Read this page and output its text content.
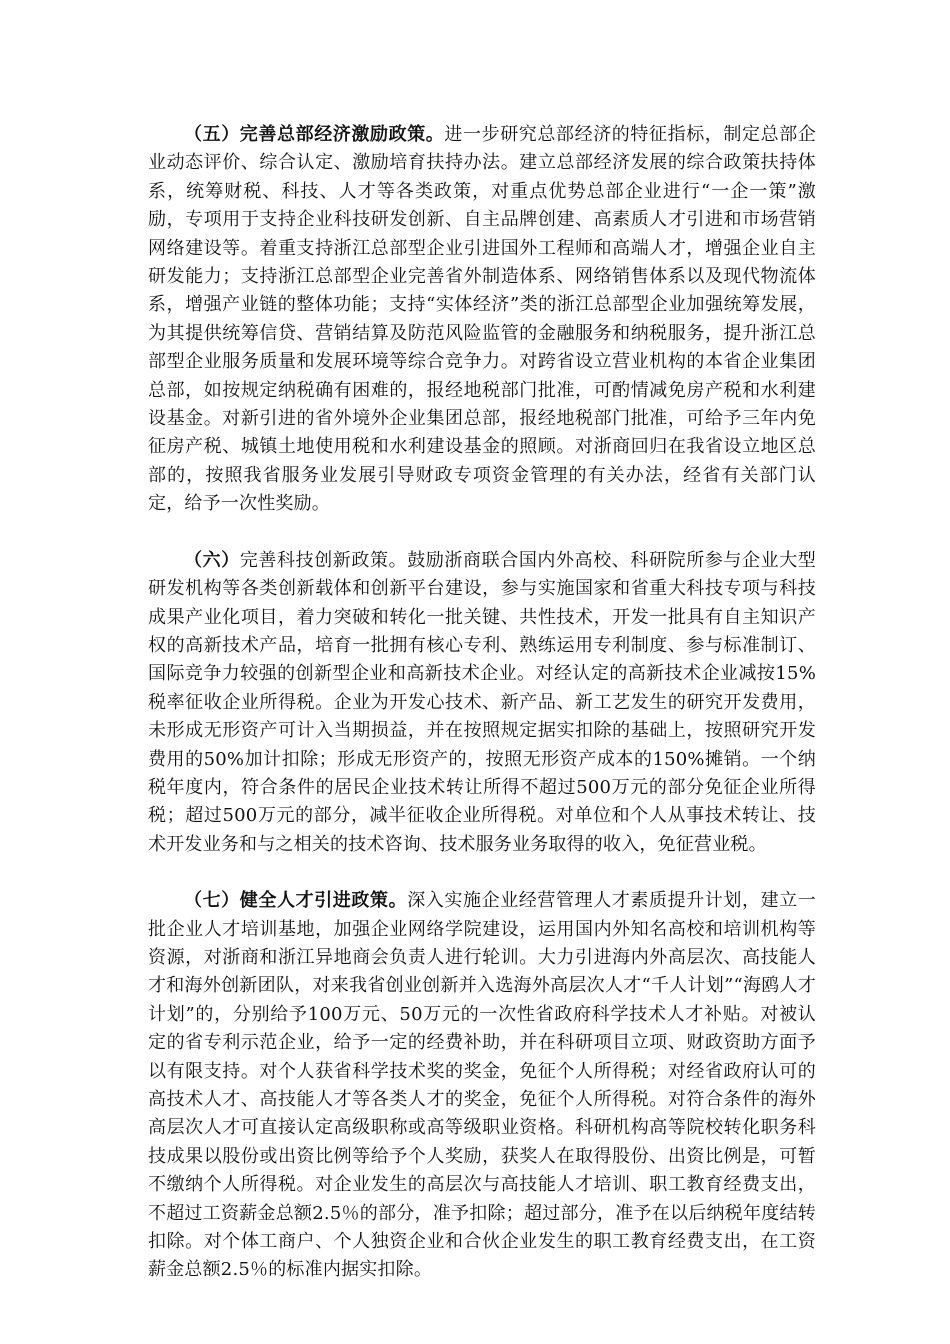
（五）完善总部经济激励政策。进一步研究总部经济的特征指标，制定总部企业动态评价、综合认定、激励培育扶持办法。建立总部经济发展的综合政策扶持体系，统筹财税、科技、人才等各类政策，对重点优势总部企业进行“一企一策”激励，专项用于支持企业科技研发创新、自主品牌创建、高素质人才引进和市场营销网络建设等。着重支持浙江总部型企业引进国外工程师和高端人才，增强企业自主研发能力；支持浙江总部型企业完善省外制造体系、网络销售体系以及现代物流体系，增强产业链的整体功能；支持“实体经济”类的浙江总部型企业加强统筹发展，为其提供统筹信贷、营销结算及防范风险监管的金融服务和纳税服务，提升浙江总部型企业服务质量和发展环境等综合竞争力。对跨省设立营业机构的本省企业集团总部，如按规定纳税确有困难的，报经地税部门批准，可酌情减免房产税和水利建设基金。对新引进的省外境外企业集团总部，报经地税部门批准，可给予三年内免征房产税、城镇土地使用税和水利建设基金的照顾。对浙商回归在我省设立地区总部的，按照我省服务业发展引导财政专项资金管理的有关办法，经省有关部门认定，给予一次性奖励。

（六）完善科技创新政策。鼓励浙商联合国内外高校、科研院所参与企业大型研发机构等各类创新载体和创新平台建设，参与实施国家和省重大科技专项与科技成果产业化项目，着力突破和转化一批关键、共性技术，开发一批具有自主知识产权的高新技术产品，培育一批拥有核心专利、熟练运用专利制度、参与标准制订、国际竞争力较强的创新型企业和高新技术企业。对经认定的高新技术企业减按15%税率征收企业所得税。企业为开发心技术、新产品、新工艺发生的研究开发费用，未形成无形资产可计入当期损益，并在按照规定据实扣除的基础上，按照研究开发费用的50%加计扣除；形成无形资产的，按照无形资产成本的150%摊销。一个纳税年度内，符合条件的居民企业技术转让所得不超过500万元的部分免征企业所得税；超过500万元的部分，减半征收企业所得税。对单位和个人从事技术转让、技术开发业务和与之相关的技术咨询、技术服务业务取得的收入，免征营业税。

（七）健全人才引进政策。深入实施企业经营管理人才素质提升计划，建立一批企业人才培训基地，加强企业网络学院建设，运用国内外知名高校和培训机构等资源，对浙商和浙江异地商会负责人进行轮训。大力引进海内外高层次、高技能人才和海外创新团队，对来我省创业创新并入选海外高层次人才“千人计划”“海鸥人才计划”的，分别给予100万元、50万元的一次性省政府科学技术人才补贴。对被认定的省专利示范企业，给予一定的经费补助，并在科研项目立项、财政资助方面予以有限支持。对个人获省科学技术奖的奖金，免征个人所得税；对经省政府认可的高技术人才、高技能人才等各类人才的奖金，免征个人所得税。对符合条件的海外高层次人才可直接认定高级职称或高等级职业资格。科研机构高等院校转化职务科技成果以股份或出资比例等给予个人奖励，获奖人在取得股份、出资比例是，可暂不缴纳个人所得税。对企业发生的高层次与高技能人才培训、职工教育经费支出，不超过工资薪金总额2.5％的部分，准予扣除；超过部分，准予在以后纳税年度结转扣除。对个体工商户、个人独资企业和合伙企业发生的职工教育经费支出，在工资薪金总额2.5％的标准内据实扣除。
